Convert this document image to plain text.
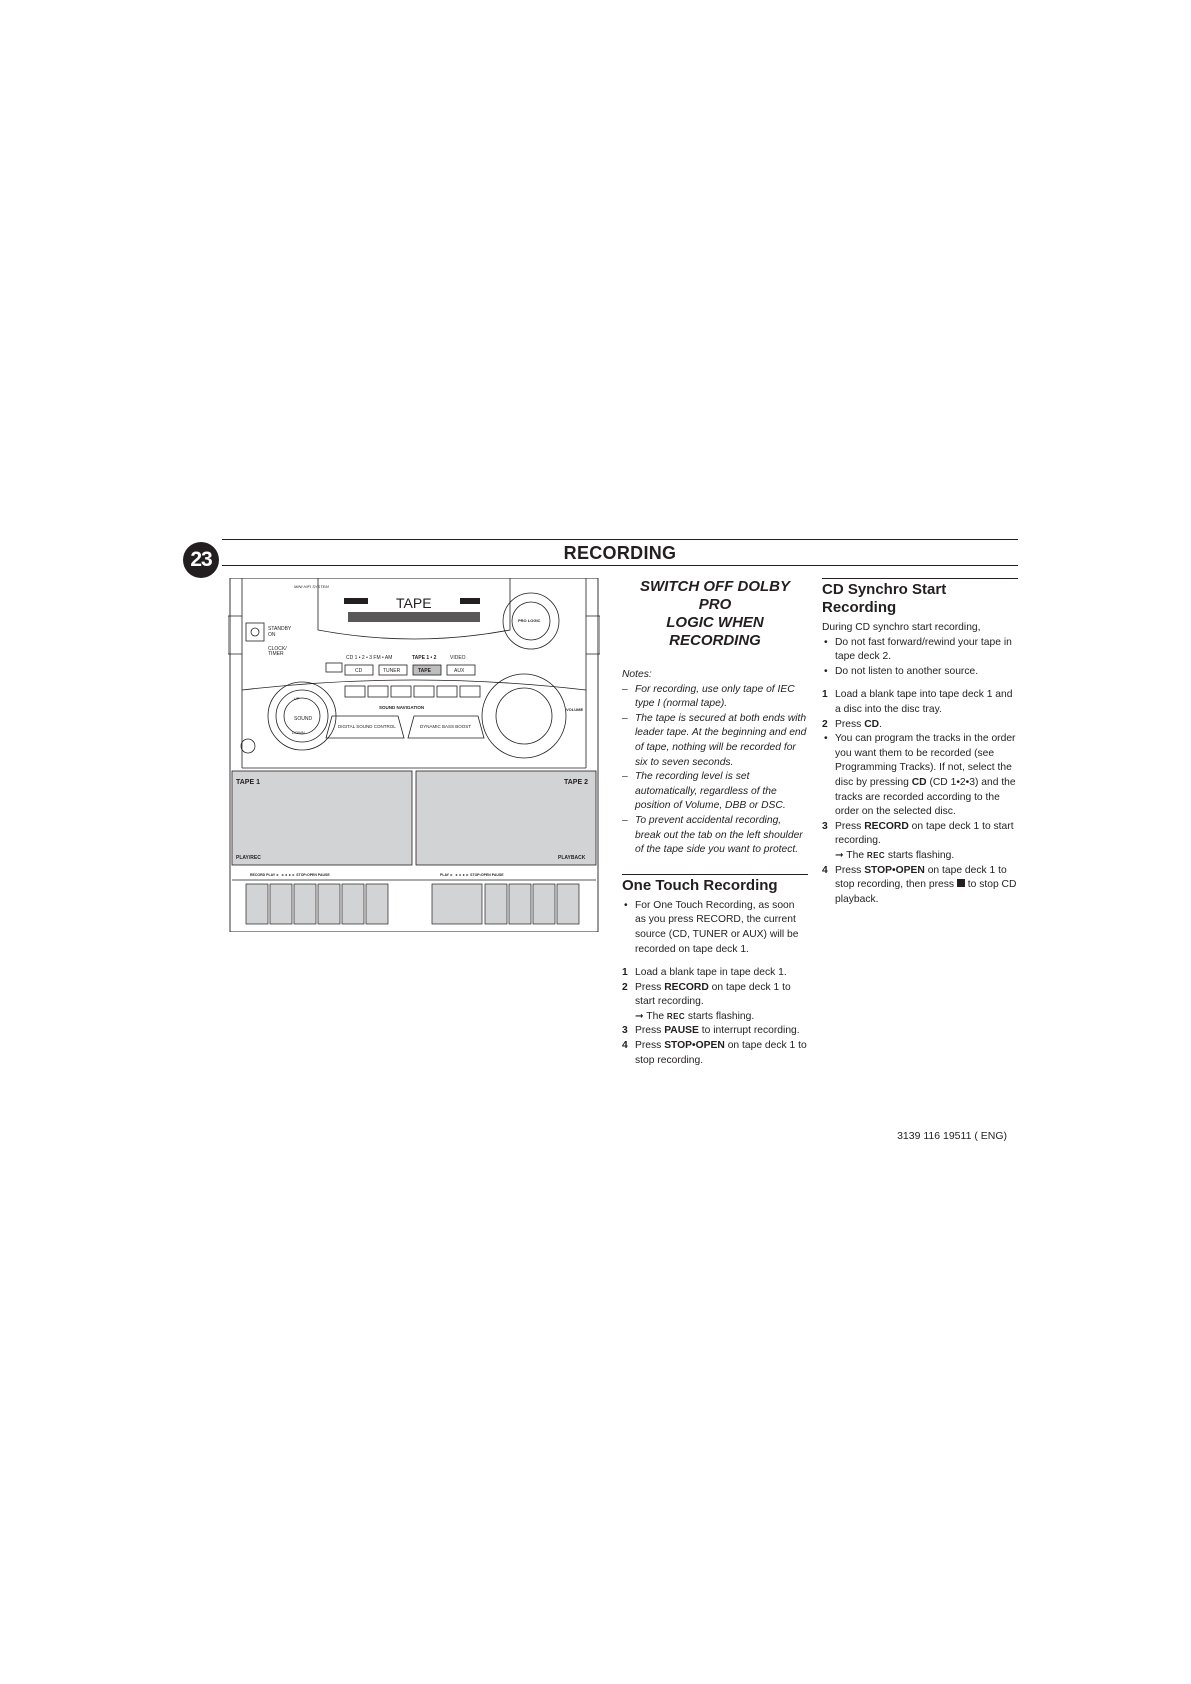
23	RECORDING
MINI HIFI SYSTEM
TAPE
STANDBY
ON
CLOCK/
TIMER
CD 1 • 2 • 3 FM • AM	TAPE 1 • 2	VIDEO
CD	TUNER	TAPE	AUX
PRO LOGIC
SOUND NAVIGATION	VOLUME
UP
SOUND
DOWN
DIGITAL SOUND CONTROL	DYNAMIC BASS BOOST
TAPE 1	TAPE 2
PLAY/REC	PLAYBACK
RECORD PLAY ► ◄◄ ►► STOP•OPEN PAUSE	PLAY ► ◄◄ ►► STOP•OPEN PAUSE

SWITCH OFF DOLBY PRO

LOGIC WHEN RECORDING

Notes:

– For recording, use only tape of IEC type I (normal tape).
– The tape is secured at both ends with leader tape. At the beginning and end of tape, nothing will be recorded for six to seven seconds.
– The recording level is set automatically, regardless of the position of Volume, DBB or DSC.
– To prevent accidental recording, break out the tab on the left shoulder of the tape side you want to protect.

One Touch Recording

• For One Touch Recording, as soon as you press RECORD, the current source (CD, TUNER or AUX) will be recorded on tape deck 1.
1 Load a blank tape in tape deck 1.
2 Press RECORD on tape deck 1 to start recording.
➞ The REC starts flashing.
3 Press PAUSE to interrupt recording.
4 Press STOP•OPEN on tape deck 1 to stop recording.

CD Synchro Start

Recording

During CD synchro start recording,

• Do not fast forward/rewind your tape in tape deck 2.
• Do not listen to another source.
1 Load a blank tape into tape deck 1 and a disc into the disc tray.
2 Press CD.
• You can program the tracks in the order you want them to be recorded (see Programming Tracks). If not, select the disc by pressing CD (CD 1•2•3) and the tracks are recorded according to the order on the selected disc.
3 Press RECORD on tape deck 1 to start recording.
➞ The REC starts flashing.
4 Press STOP•OPEN on tape deck 1 to stop recording, then press  to stop CD playback.
3139 116 19511 ( ENG)
